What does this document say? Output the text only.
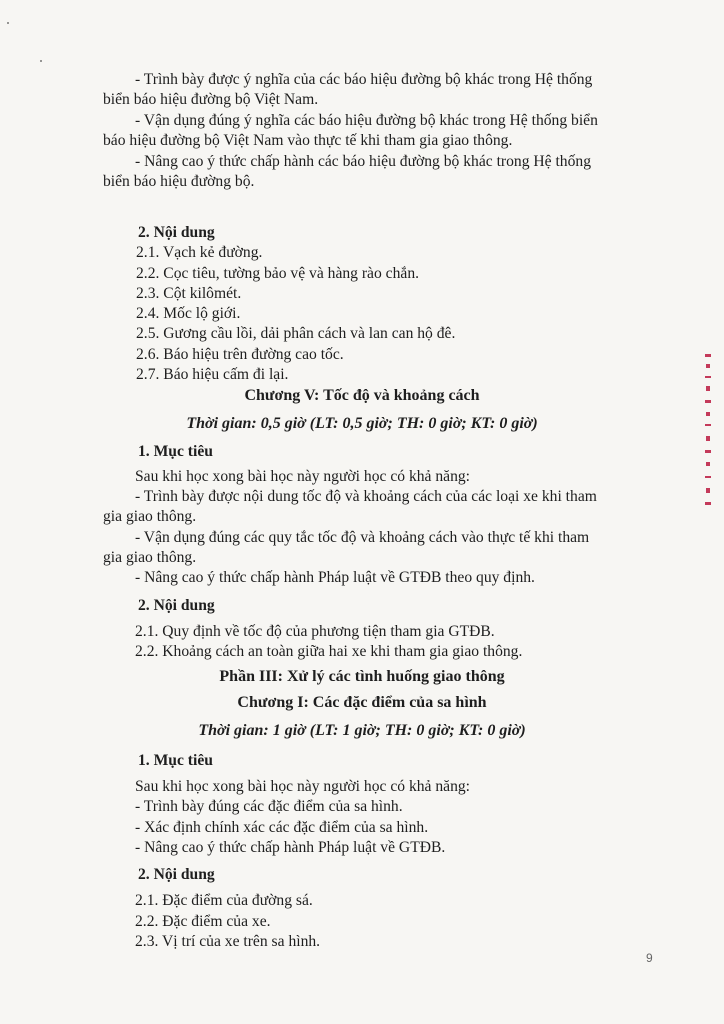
- Trình bày được ý nghĩa của các báo hiệu đường bộ khác trong Hệ thống
biển báo hiệu đường bộ Việt Nam.
- Vận dụng đúng ý nghĩa các báo hiệu đường bộ khác trong Hệ thống biển
báo hiệu đường bộ Việt Nam vào thực tế khi tham gia giao thông.
- Nâng cao ý thức chấp hành các báo hiệu đường bộ khác trong Hệ thống
biển báo hiệu đường bộ.
2. Nội dung
2.1. Vạch kẻ đường.
2.2. Cọc tiêu, tường bảo vệ và hàng rào chắn.
2.3. Cột kilômét.
2.4. Mốc lộ giới.
2.5. Gương cầu lồi, dải phân cách và lan can hộ đê.
2.6. Báo hiệu trên đường cao tốc.
2.7. Báo hiệu cấm đi lại.
Chương V: Tốc độ và khoảng cách
Thời gian: 0,5 giờ (LT: 0,5 giờ; TH: 0 giờ; KT: 0 giờ)
1. Mục tiêu
Sau khi học xong bài học này người học có khả năng:
- Trình bày được nội dung tốc độ và khoảng cách của các loại xe khi tham
gia giao thông.
- Vận dụng đúng các quy tắc tốc độ và khoảng cách vào thực tế khi tham
gia giao thông.
- Nâng cao ý thức chấp hành Pháp luật về GTĐB theo quy định.
2. Nội dung
2.1. Quy định về tốc độ của phương tiện tham gia GTĐB.
2.2. Khoảng cách an toàn giữa hai xe khi tham gia giao thông.
Phần III: Xử lý các tình huống giao thông
Chương I: Các đặc điểm của sa hình
Thời gian: 1 giờ (LT: 1 giờ; TH: 0 giờ; KT: 0 giờ)
1. Mục tiêu
Sau khi học xong bài học này người học có khả năng:
- Trình bày đúng các đặc điểm của sa hình.
- Xác định chính xác các đặc điểm của sa hình.
- Nâng cao ý thức chấp hành Pháp luật về GTĐB.
2. Nội dung
2.1. Đặc điểm của đường sá.
2.2. Đặc điểm của xe.
2.3. Vị trí của xe trên sa hình.
9
